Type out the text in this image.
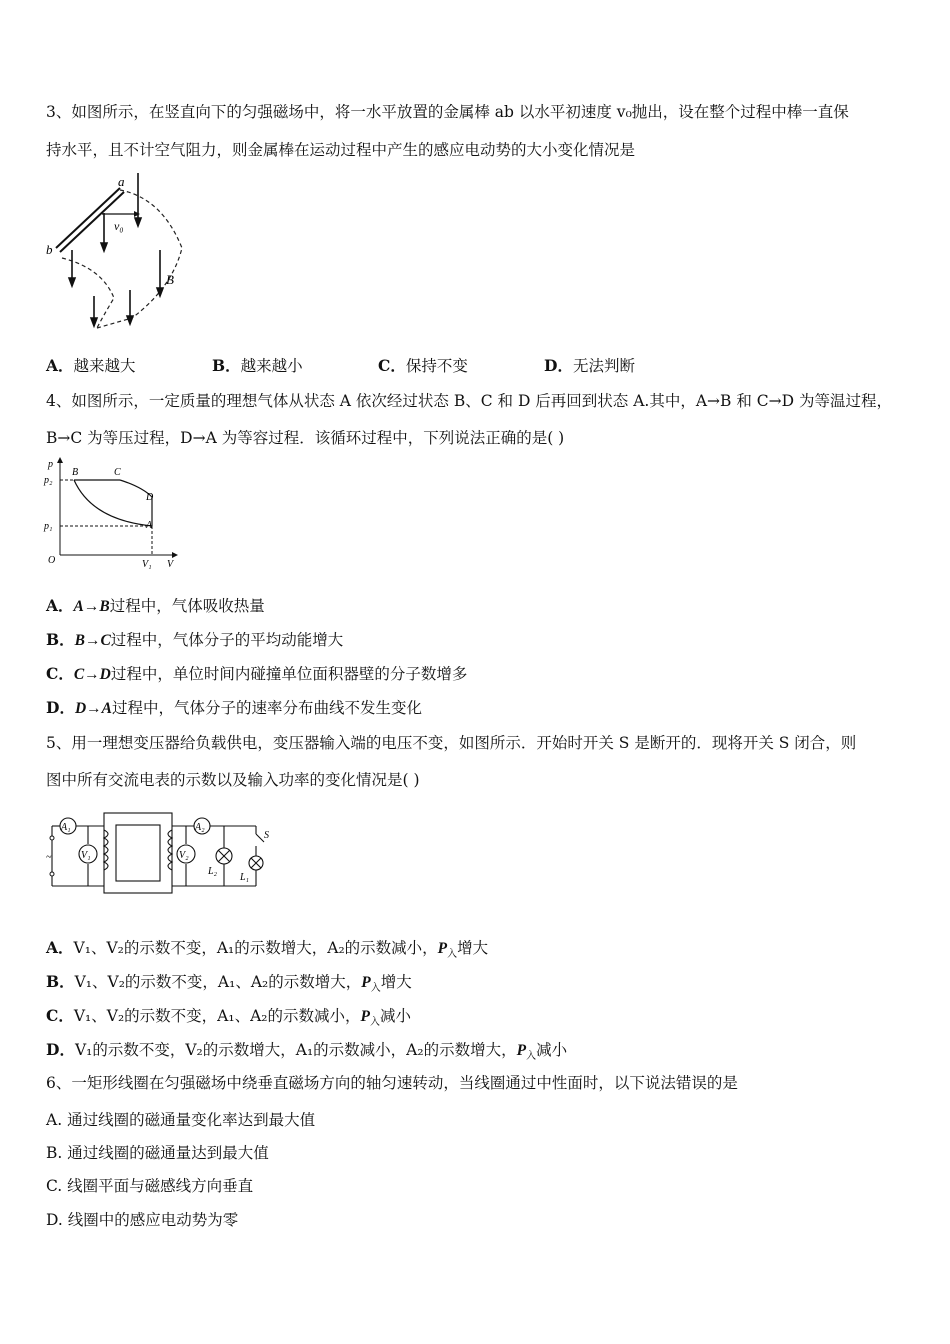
3、如图所示，在竖直向下的匀强磁场中，将一水平放置的金属棒 ab 以水平初速度 v₀抛出，设在整个过程中棒一直保
持水平，且不计空气阻力，则金属棒在运动过程中产生的感应电动势的大小变化情况是
a
b
v₀
B
A．越来越大	B．越来越小	C．保持不变	D．无法判断
4、如图所示，一定质量的理想气体从状态 A 依次经过状态 B、C 和 D 后再回到状态 A.其中，A→B 和 C→D 为等温过程，
B→C 为等压过程，D→A 为等容过程．该循环过程中，下列说法正确的是( )
p
p₂
p₁
O	V₁ V
B	C
D
A
A．A→B过程中，气体吸收热量
B．B→C过程中，气体分子的平均动能增大
C．C→D过程中，单位时间内碰撞单位面积器壁的分子数增多
D．D→A过程中，气体分子的速率分布曲线不发生变化
5、用一理想变压器给负载供电，变压器输入端的电压不变，如图所示．开始时开关 S 是断开的．现将开关 S 闭合，则
图中所有交流电表的示数以及输入功率的变化情况是( )
~
A₁
V₁
A₂
V₂
L₂
L₁
S
A．V₁、V₂的示数不变，A₁的示数增大，A₂的示数减小，$P_入$增大
B．V₁、V₂的示数不变，A₁、A₂的示数增大，$P_入$增大
C．V₁、V₂的示数不变，A₁、A₂的示数减小，$P_入$减小
D．V₁的示数不变，V₂的示数增大，A₁的示数减小，A₂的示数增大，$P_入$减小
6、一矩形线圈在匀强磁场中绕垂直磁场方向的轴匀速转动，当线圈通过中性面时，以下说法错误的是
A. 通过线圈的磁通量变化率达到最大值
B. 通过线圈的磁通量达到最大值
C. 线圈平面与磁感线方向垂直
D. 线圈中的感应电动势为零
